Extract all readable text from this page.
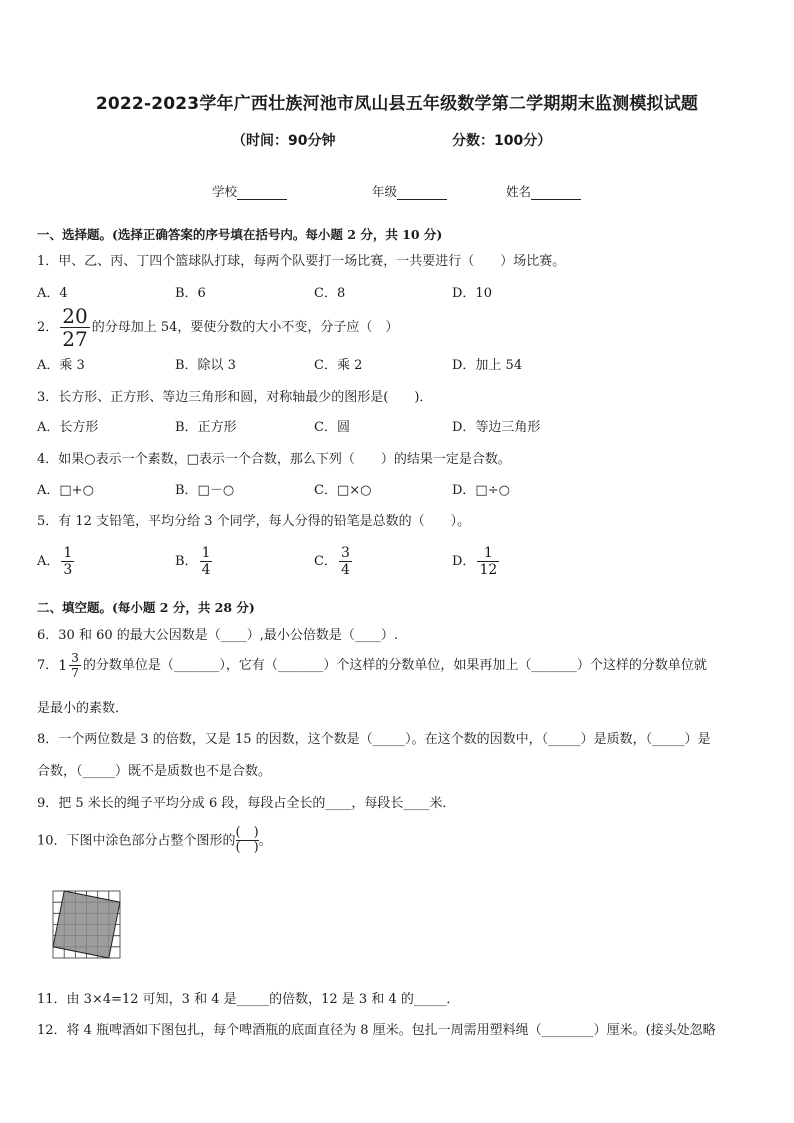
2022-2023学年广西壮族河池市凤山县五年级数学第二学期期末监测模拟试题
（时间：90分钟	分数：100分）
学校	年级	姓名
一、选择题。(选择正确答案的序号填在括号内。每小题 2 分，共 10 分)
1．甲、乙、丙、丁四个篮球队打球，每两个队要打一场比赛，一共要进行（　　）场比赛。
A．4	B．6	C．8	D．10
2． $\frac{20}{27}$ 的分母加上 54，要使分数的大小不变，分子应（　）
A．乘 3	B．除以 3	C．乘 2	D．加上 54
3．长方形、正方形、等边三角形和圆，对称轴最少的图形是(　　)．
A．长方形	B．正方形	C．圆	D．等边三角形
4．如果○表示一个素数，□表示一个合数，那么下列（　　）的结果一定是合数。
A．□+○	B．□－○	C．□×○	D．□÷○
5．有 12 支铅笔，平均分给 3 个同学，每人分得的铅笔是总数的（　　）。
A． $\frac{1}{3}$	B． $\frac{1}{4}$	C． $\frac{3}{4}$	D． $\frac{1}{12}$
二、填空题。(每小题 2 分，共 28 分)
6．30 和 60 的最大公因数是（____）,最小公倍数是（____）.
7． $1 \frac{3}{7}$ 的分数单位是（_______），它有（_______）个这样的分数单位，如果再加上（_______）个这样的分数单位就
是最小的素数．
8．一个两位数是 3 的倍数，又是 15 的因数，这个数是（_____）。在这个数的因数中，（_____）是质数，（_____）是
合数，（_____）既不是质数也不是合数。
9．把 5 米长的绳子平均分成 6 段，每段占全长的____，每段长____米．
10．下图中涂色部分占整个图形的 $\frac{( )}{( )}$ 。
11．由 3×4=12 可知，3 和 4 是_____的倍数，12 是 3 和 4 的_____．
12．将 4 瓶啤酒如下图包扎，每个啤酒瓶的底面直径为 8 厘米。包扎一周需用塑料绳（________）厘米。(接头处忽略
